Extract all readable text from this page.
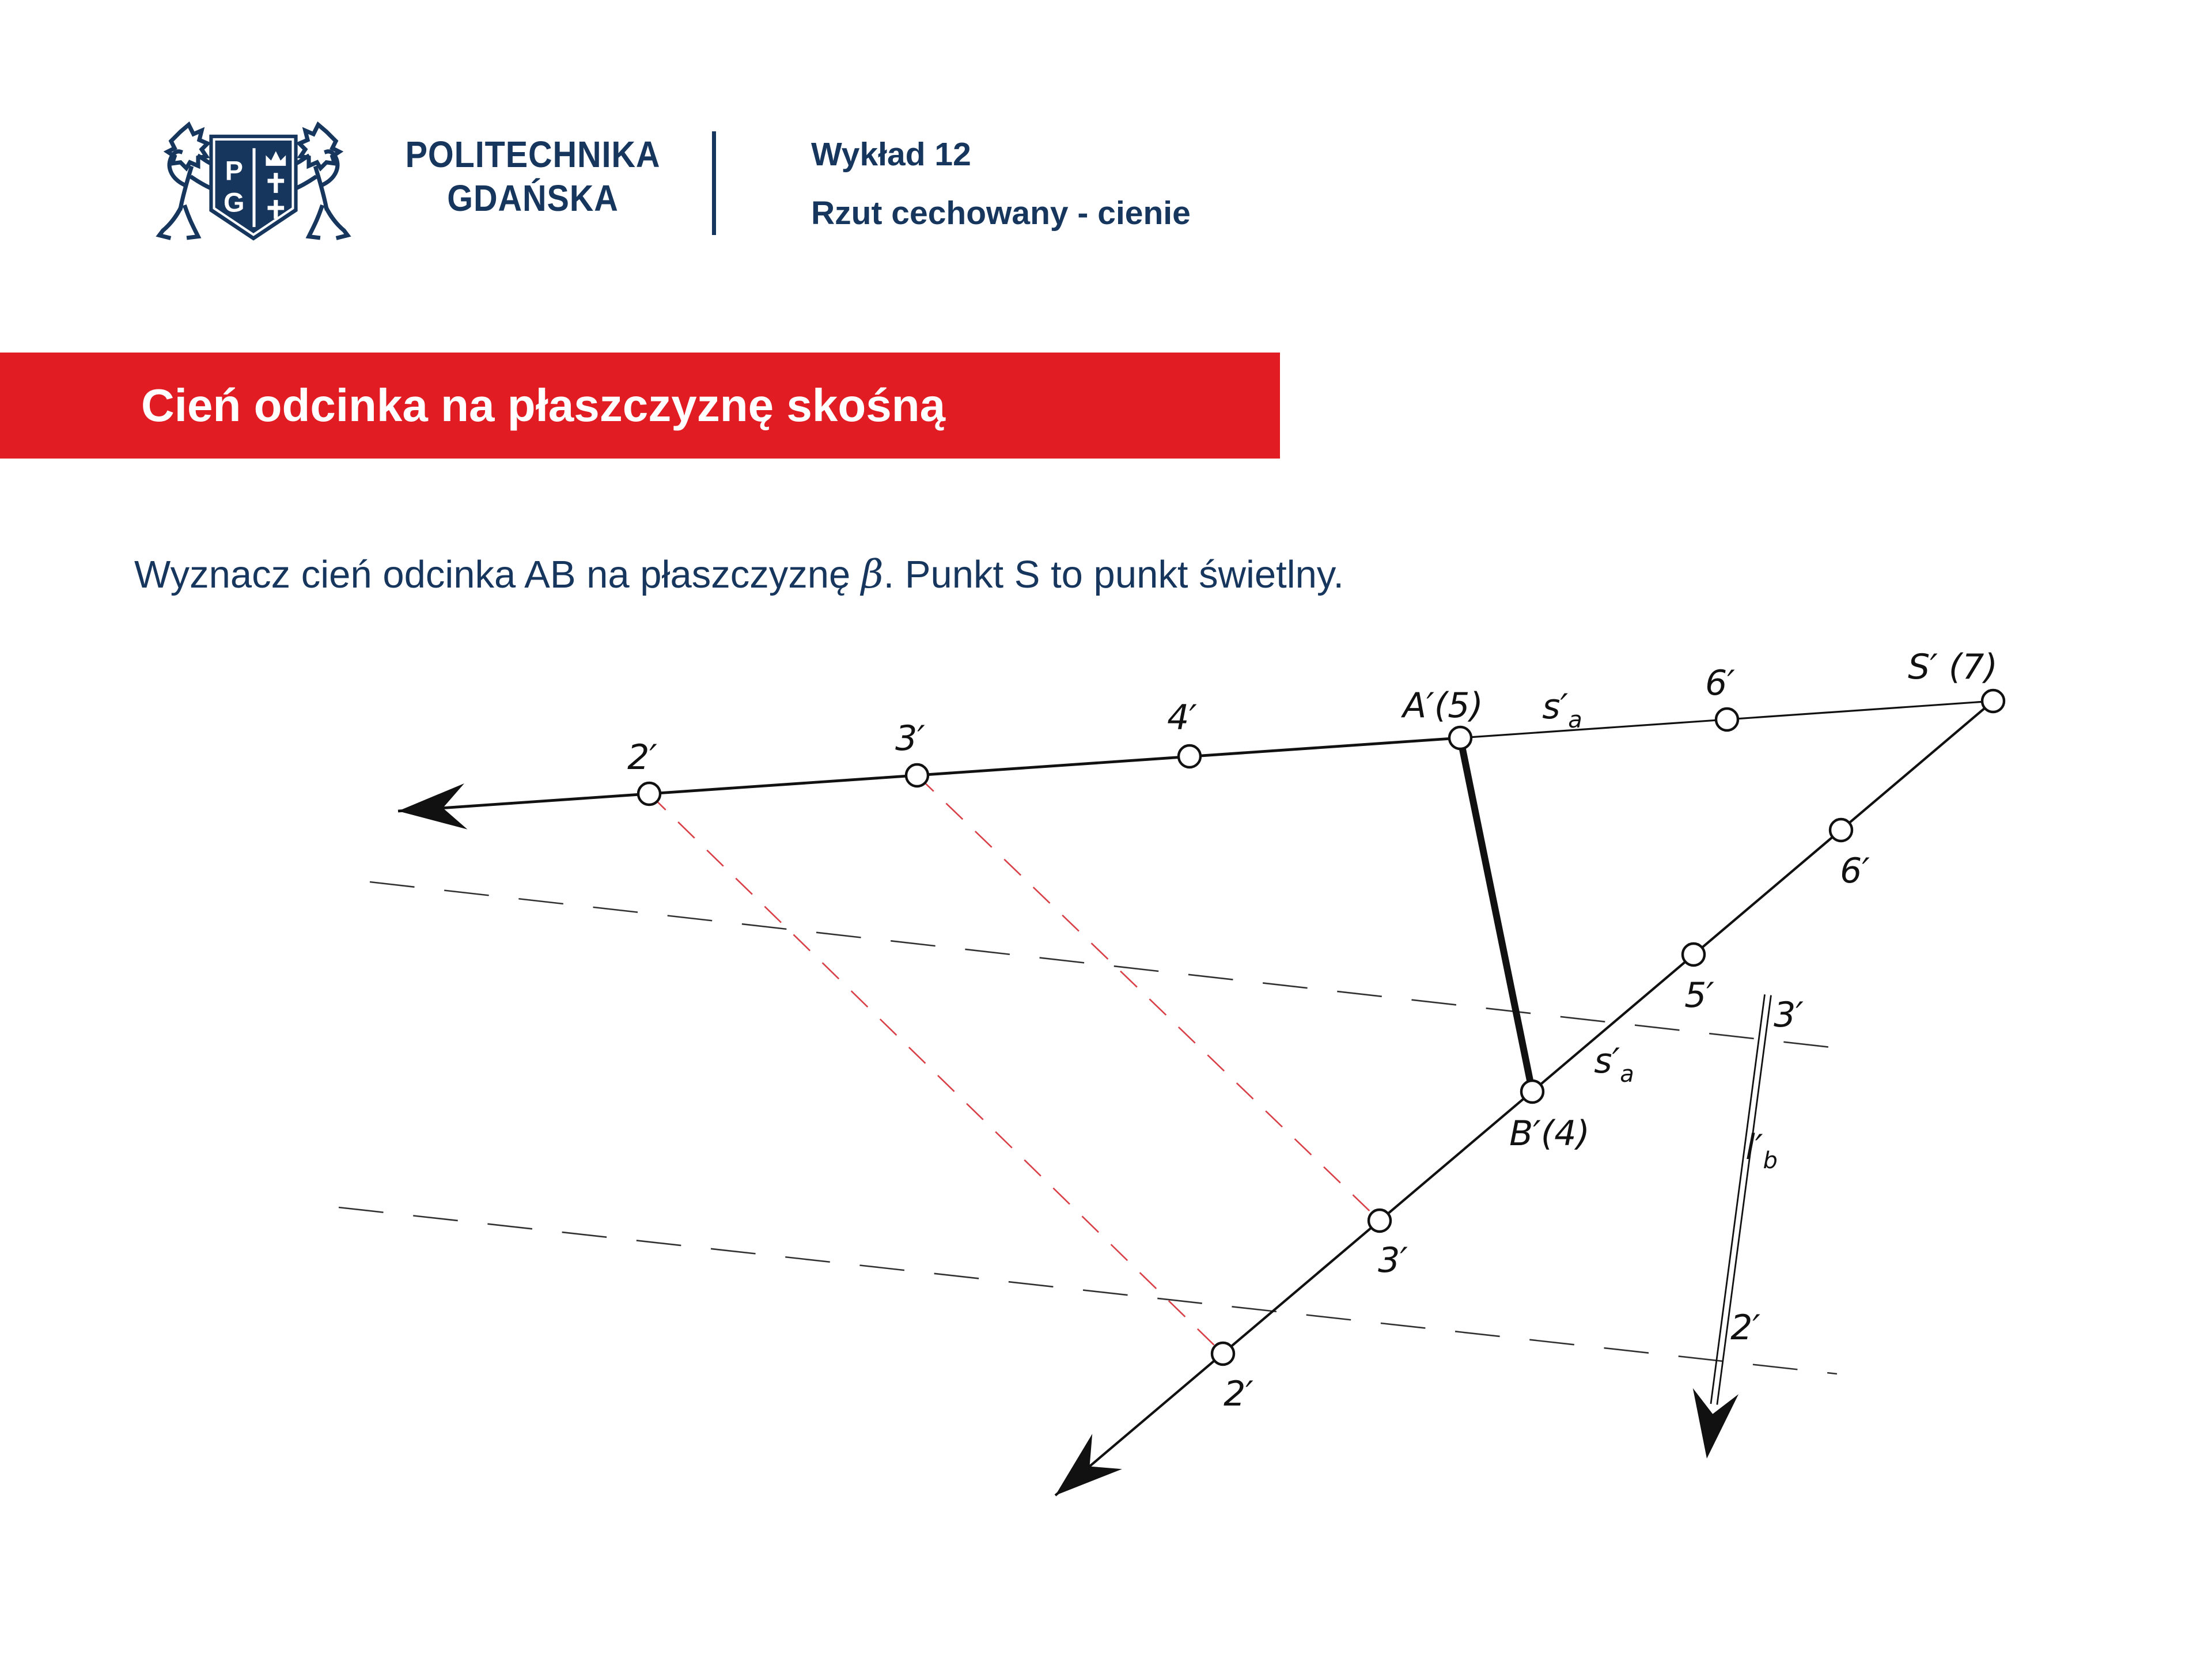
P
G
POLITECHNIKA
GDAŃSKA
Wykład 12
Rzut cechowany - cienie
Cień odcinka na płaszczyznę skośną
Wyznacz cień odcinka AB na płaszczyznę β. Punkt S to punkt świetlny.
2′	3′
4′	A′(5)
6′	S′ (7)
6′
5′
B′(4)
3′
2′
$s'_a$
$s'_a$
$l'_b$
3′
2′
